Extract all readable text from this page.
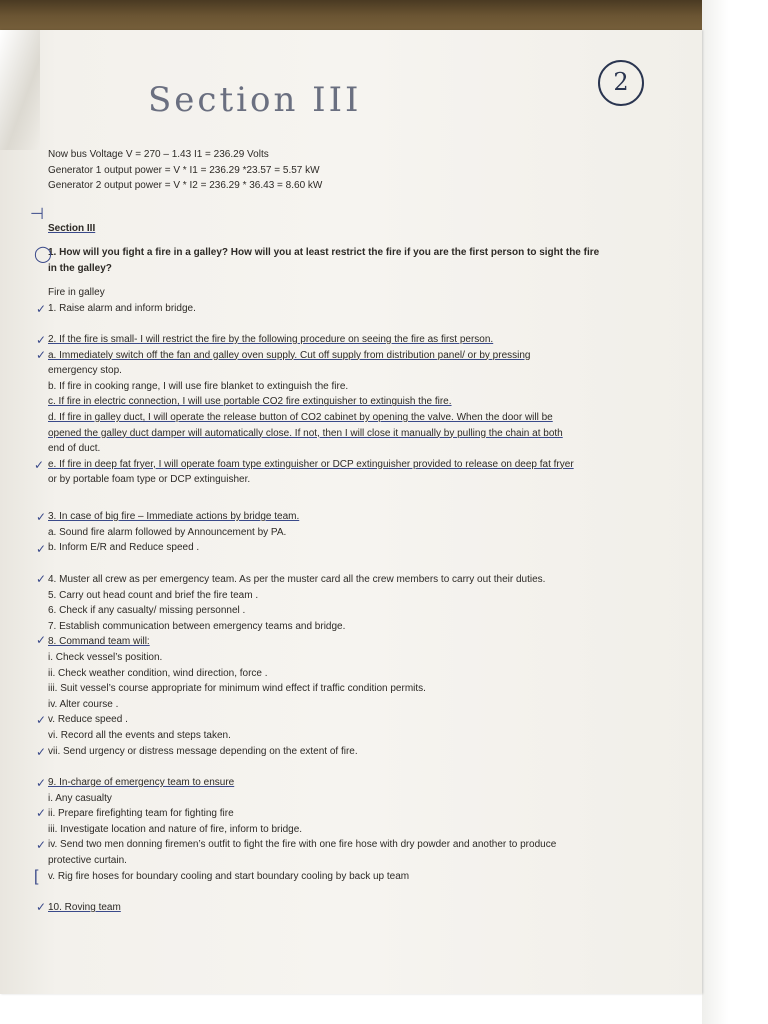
2
Section III
Now bus Voltage V = 270 – 1.43 I1 = 236.29 Volts
Generator 1 output power = V * I1 = 236.29 *23.57 = 5.57 kW
Generator 2 output power = V * I2 = 236.29 * 36.43 = 8.60 kW
Section III
1. How will you fight a fire in a galley? How will you at least restrict the fire if you are the first person to sight the fire
in the galley?
Fire in galley
1. Raise alarm and inform bridge.
2. If the fire is small- I will restrict the fire by the following procedure on seeing the fire as first person.
a. Immediately switch off the fan and galley oven supply. Cut off supply from distribution panel/ or by pressing
emergency stop.
b. If fire in cooking range, I will use fire blanket to extinguish the fire.
c. If fire in electric connection, I will use portable CO2 fire extinguisher to extinguish the fire.
d. If fire in galley duct, I will operate the release button of CO2 cabinet by opening the valve. When the door will be
opened the galley duct damper will automatically close. If not, then I will close it manually by pulling the chain at both
end of duct.
e. If fire in deep fat fryer, I will operate foam type extinguisher or DCP extinguisher provided to release on deep fat fryer
or by portable foam type or DCP extinguisher.
3. In case of big fire – Immediate actions by bridge team.
a. Sound fire alarm followed by Announcement by PA.
b. Inform E/R and Reduce speed .
4. Muster all crew as per emergency team. As per the muster card all the crew members to carry out their duties.
5. Carry out head count and brief the fire team .
6. Check if any casualty/ missing personnel .
7. Establish communication between emergency teams and bridge.
8. Command team will:
i. Check vessel’s position.
ii. Check weather condition, wind direction, force .
iii. Suit vessel’s course appropriate for minimum wind effect if traffic condition permits.
iv. Alter course .
v. Reduce speed .
vi. Record all the events and steps taken.
vii. Send urgency or distress message depending on the extent of fire.
9. In-charge of emergency team to ensure
i. Any casualty
ii. Prepare firefighting team for fighting fire
iii. Investigate location and nature of fire, inform to bridge.
iv. Send two men donning firemen’s outfit to fight the fire with one fire hose with dry powder and another to produce
protective curtain.
v. Rig fire hoses for boundary cooling and start boundary cooling by back up team
10. Roving team
⊣
◯
✓
✓
✓
✓
✓
✓
✓
✓
✓
✓
✓
✓
✓
[
✓
